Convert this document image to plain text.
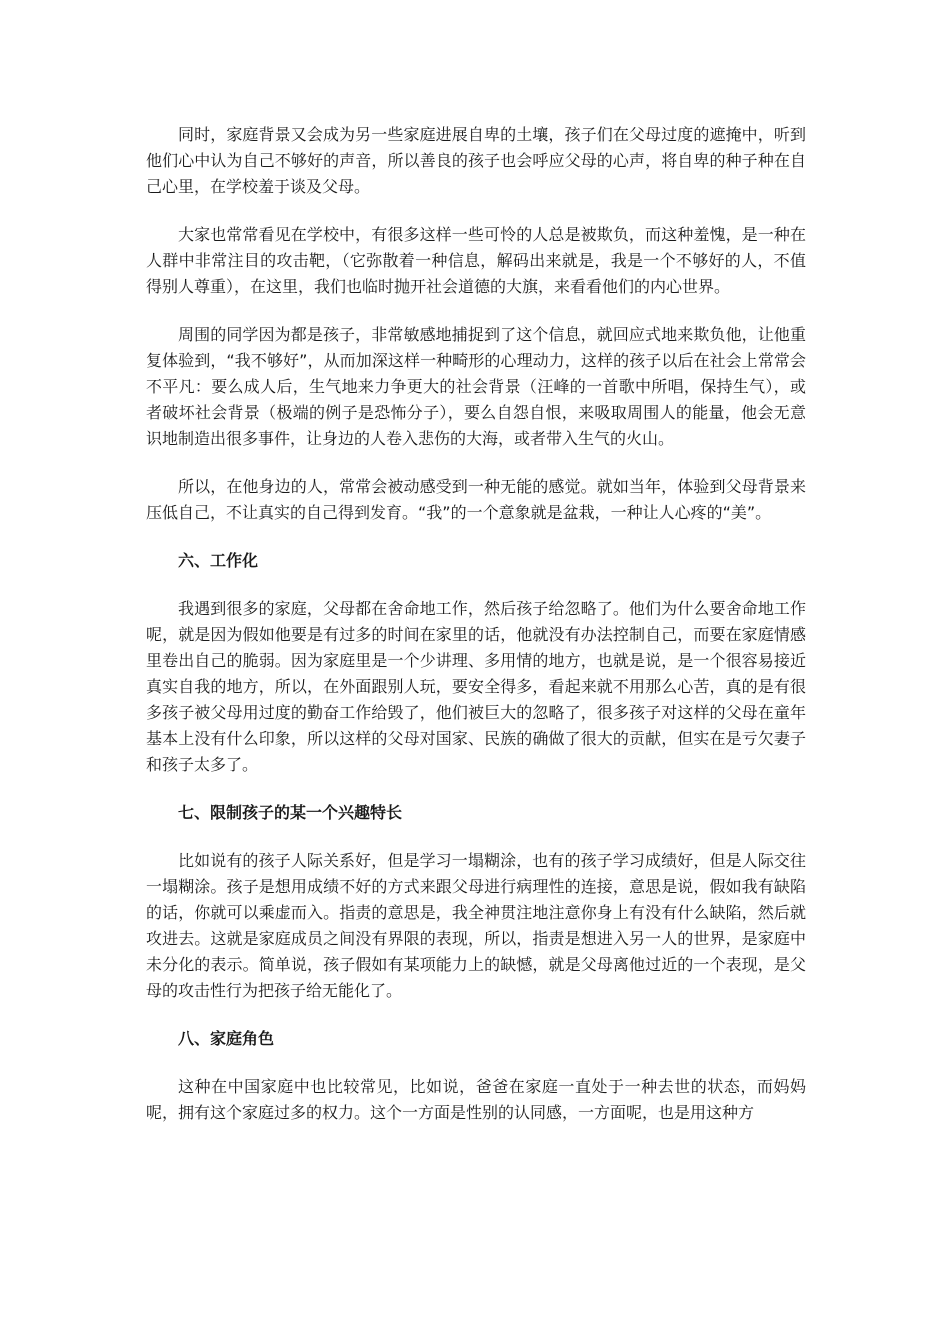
同时，家庭背景又会成为另一些家庭进展自卑的土壤，孩子们在父母过度的遮掩中，听到他们心中认为自己不够好的声音，所以善良的孩子也会呼应父母的心声，将自卑的种子种在自己心里，在学校羞于谈及父母。

大家也常常看见在学校中，有很多这样一些可怜的人总是被欺负，而这种羞愧，是一种在人群中非常注目的攻击靶，（它弥散着一种信息，解码出来就是，我是一个不够好的人，不值得别人尊重），在这里，我们也临时抛开社会道德的大旗，来看看他们的内心世界。

周围的同学因为都是孩子，非常敏感地捕捉到了这个信息，就回应式地来欺负他，让他重复体验到，“我不够好”，从而加深这样一种畸形的心理动力，这样的孩子以后在社会上常常会不平凡：要么成人后，生气地来力争更大的社会背景（汪峰的一首歌中所唱，保持生气），或者破坏社会背景（极端的例子是恐怖分子），要么自怨自恨，来吸取周围人的能量，他会无意识地制造出很多事件，让身边的人卷入悲伤的大海，或者带入生气的火山。

所以，在他身边的人，常常会被动感受到一种无能的感觉。就如当年，体验到父母背景来压低自己，不让真实的自己得到发育。“我”的一个意象就是盆栽，一种让人心疼的“美”。

六、工作化

我遇到很多的家庭，父母都在舍命地工作，然后孩子给忽略了。他们为什么要舍命地工作呢，就是因为假如他要是有过多的时间在家里的话，他就没有办法控制自己，而要在家庭情感里卷出自己的脆弱。因为家庭里是一个少讲理、多用情的地方，也就是说，是一个很容易接近真实自我的地方，所以，在外面跟别人玩，要安全得多，看起来就不用那么心苦，真的是有很多孩子被父母用过度的勤奋工作给毁了，他们被巨大的忽略了，很多孩子对这样的父母在童年基本上没有什么印象，所以这样的父母对国家、民族的确做了很大的贡献，但实在是亏欠妻子和孩子太多了。

七、限制孩子的某一个兴趣特长

比如说有的孩子人际关系好，但是学习一塌糊涂，也有的孩子学习成绩好，但是人际交往一塌糊涂。孩子是想用成绩不好的方式来跟父母进行病理性的连接，意思是说，假如我有缺陷的话，你就可以乘虚而入。指责的意思是，我全神贯注地注意你身上有没有什么缺陷，然后就攻进去。这就是家庭成员之间没有界限的表现，所以，指责是想进入另一人的世界，是家庭中未分化的表示。简单说，孩子假如有某项能力上的缺憾，就是父母离他过近的一个表现，是父母的攻击性行为把孩子给无能化了。

八、家庭角色

这种在中国家庭中也比较常见，比如说，爸爸在家庭一直处于一种去世的状态，而妈妈呢，拥有这个家庭过多的权力。这个一方面是性别的认同感，一方面呢，也是用这种方
